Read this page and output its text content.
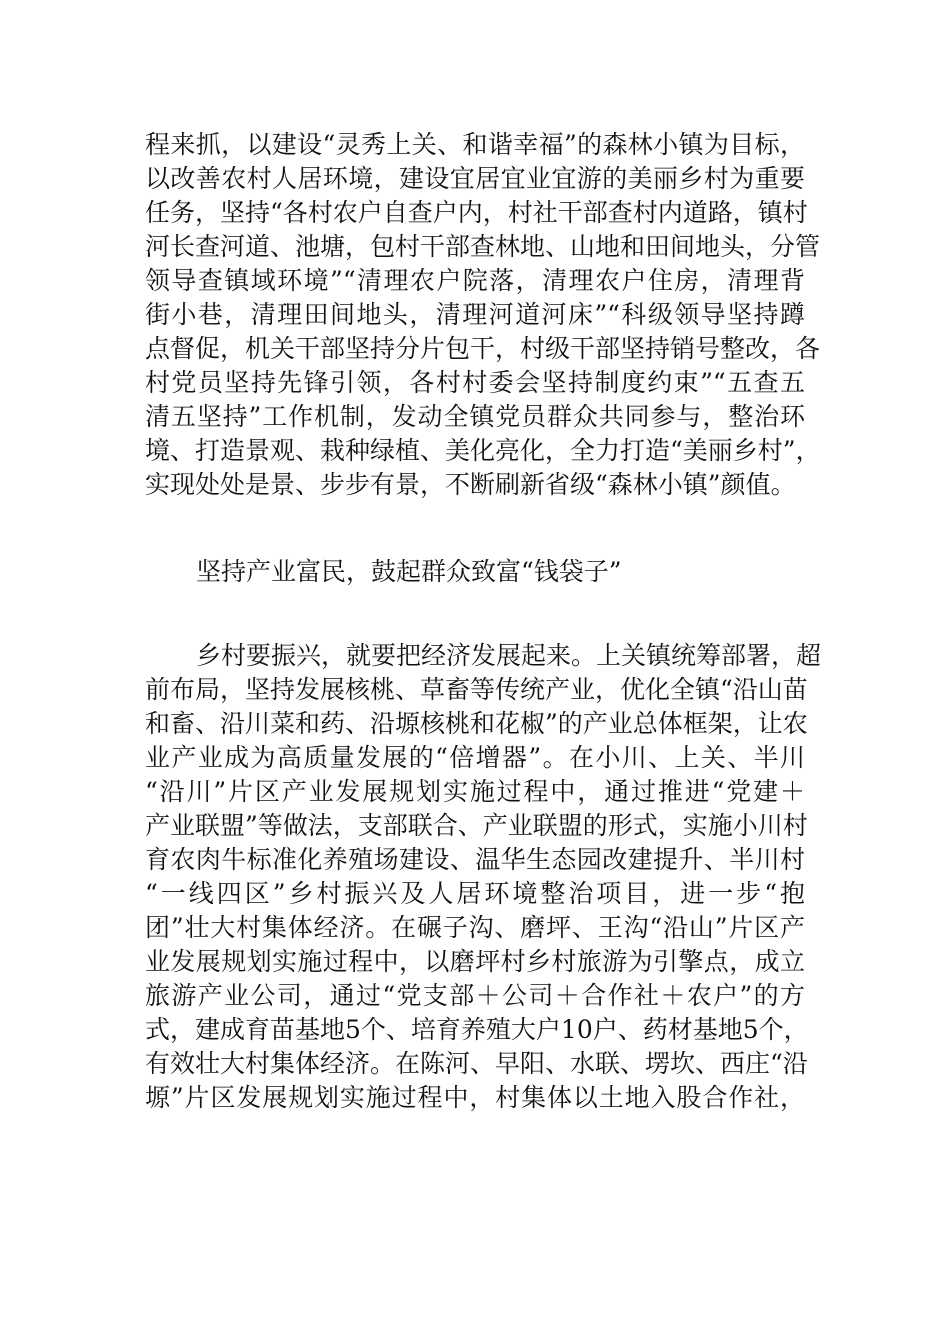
程来抓，以建设“灵秀上关、和谐幸福”的森林小镇为目标，
以改善农村人居环境，建设宜居宜业宜游的美丽乡村为重要
任务，坚持“各村农户自查户内，村社干部查村内道路，镇村
河长查河道、池塘，包村干部查林地、山地和田间地头，分管
领导查镇域环境”“清理农户院落，清理农户住房，清理背
街小巷，清理田间地头，清理河道河床”“科级领导坚持蹲
点督促，机关干部坚持分片包干，村级干部坚持销号整改，各
村党员坚持先锋引领，各村村委会坚持制度约束”“五查五
清五坚持”工作机制，发动全镇党员群众共同参与，整治环
境、打造景观、栽种绿植、美化亮化，全力打造“美丽乡村”，
实现处处是景、步步有景，不断刷新省级“森林小镇”颜值。
坚持产业富民，鼓起群众致富“钱袋子”
乡村要振兴，就要把经济发展起来。上关镇统筹部署，超
前布局，坚持发展核桃、草畜等传统产业，优化全镇“沿山苗
和畜、沿川菜和药、沿塬核桃和花椒”的产业总体框架，让农
业产业成为高质量发展的“倍增器”。在小川、上关、半川
“沿川”片区产业发展规划实施过程中，通过推进“党建＋
产业联盟”等做法，支部联合、产业联盟的形式，实施小川村
育农肉牛标准化养殖场建设、温华生态园改建提升、半川村
“一线四区”乡村振兴及人居环境整治项目，进一步“抱
团”壮大村集体经济。在碾子沟、磨坪、王沟“沿山”片区产
业发展规划实施过程中，以磨坪村乡村旅游为引擎点，成立
旅游产业公司，通过“党支部＋公司＋合作社＋农户”的方
式，建成育苗基地5个、培育养殖大户10户、药材基地5个，
有效壮大村集体经济。在陈河、早阳、水联、塄坎、西庄“沿
塬”片区发展规划实施过程中，村集体以土地入股合作社，
